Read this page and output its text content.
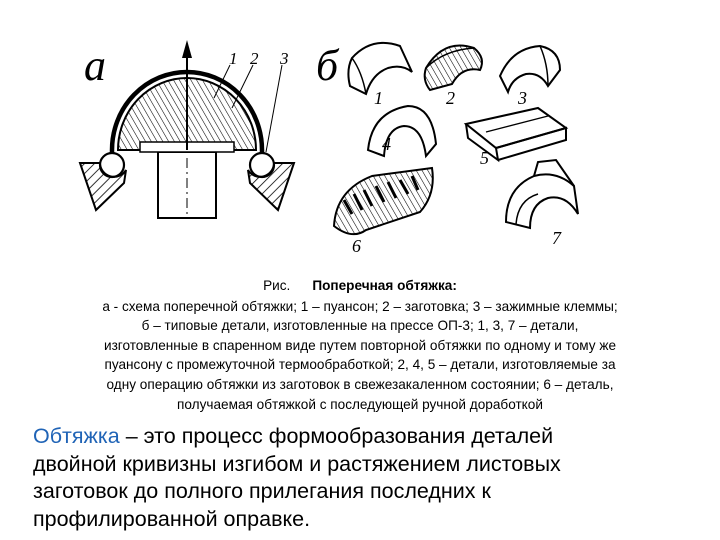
а	1 2 3 б
1	2	3
4
5
6	7
Рис. Поперечная обтяжка:
а - схема поперечной обтяжки; 1 – пуансон; 2 – заготовка; 3 – зажимные клеммы;
б – типовые детали, изготовленные на прессе ОП-3; 1, 3, 7 – детали,
изготовленные в спаренном виде путем повторной обтяжки по одному и тому же
пуансону с промежуточной термообработкой; 2, 4, 5 – детали, изготовляемые за
одну операцию обтяжки из заготовок в свежезакаленном состоянии; 6 – деталь,
получаемая обтяжкой с последующей ручной доработкой
Обтяжка – это процесс формообразования деталей
двойной кривизны изгибом и растяжением листовых
заготовок до полного прилегания последних к
профилированной оправке.
